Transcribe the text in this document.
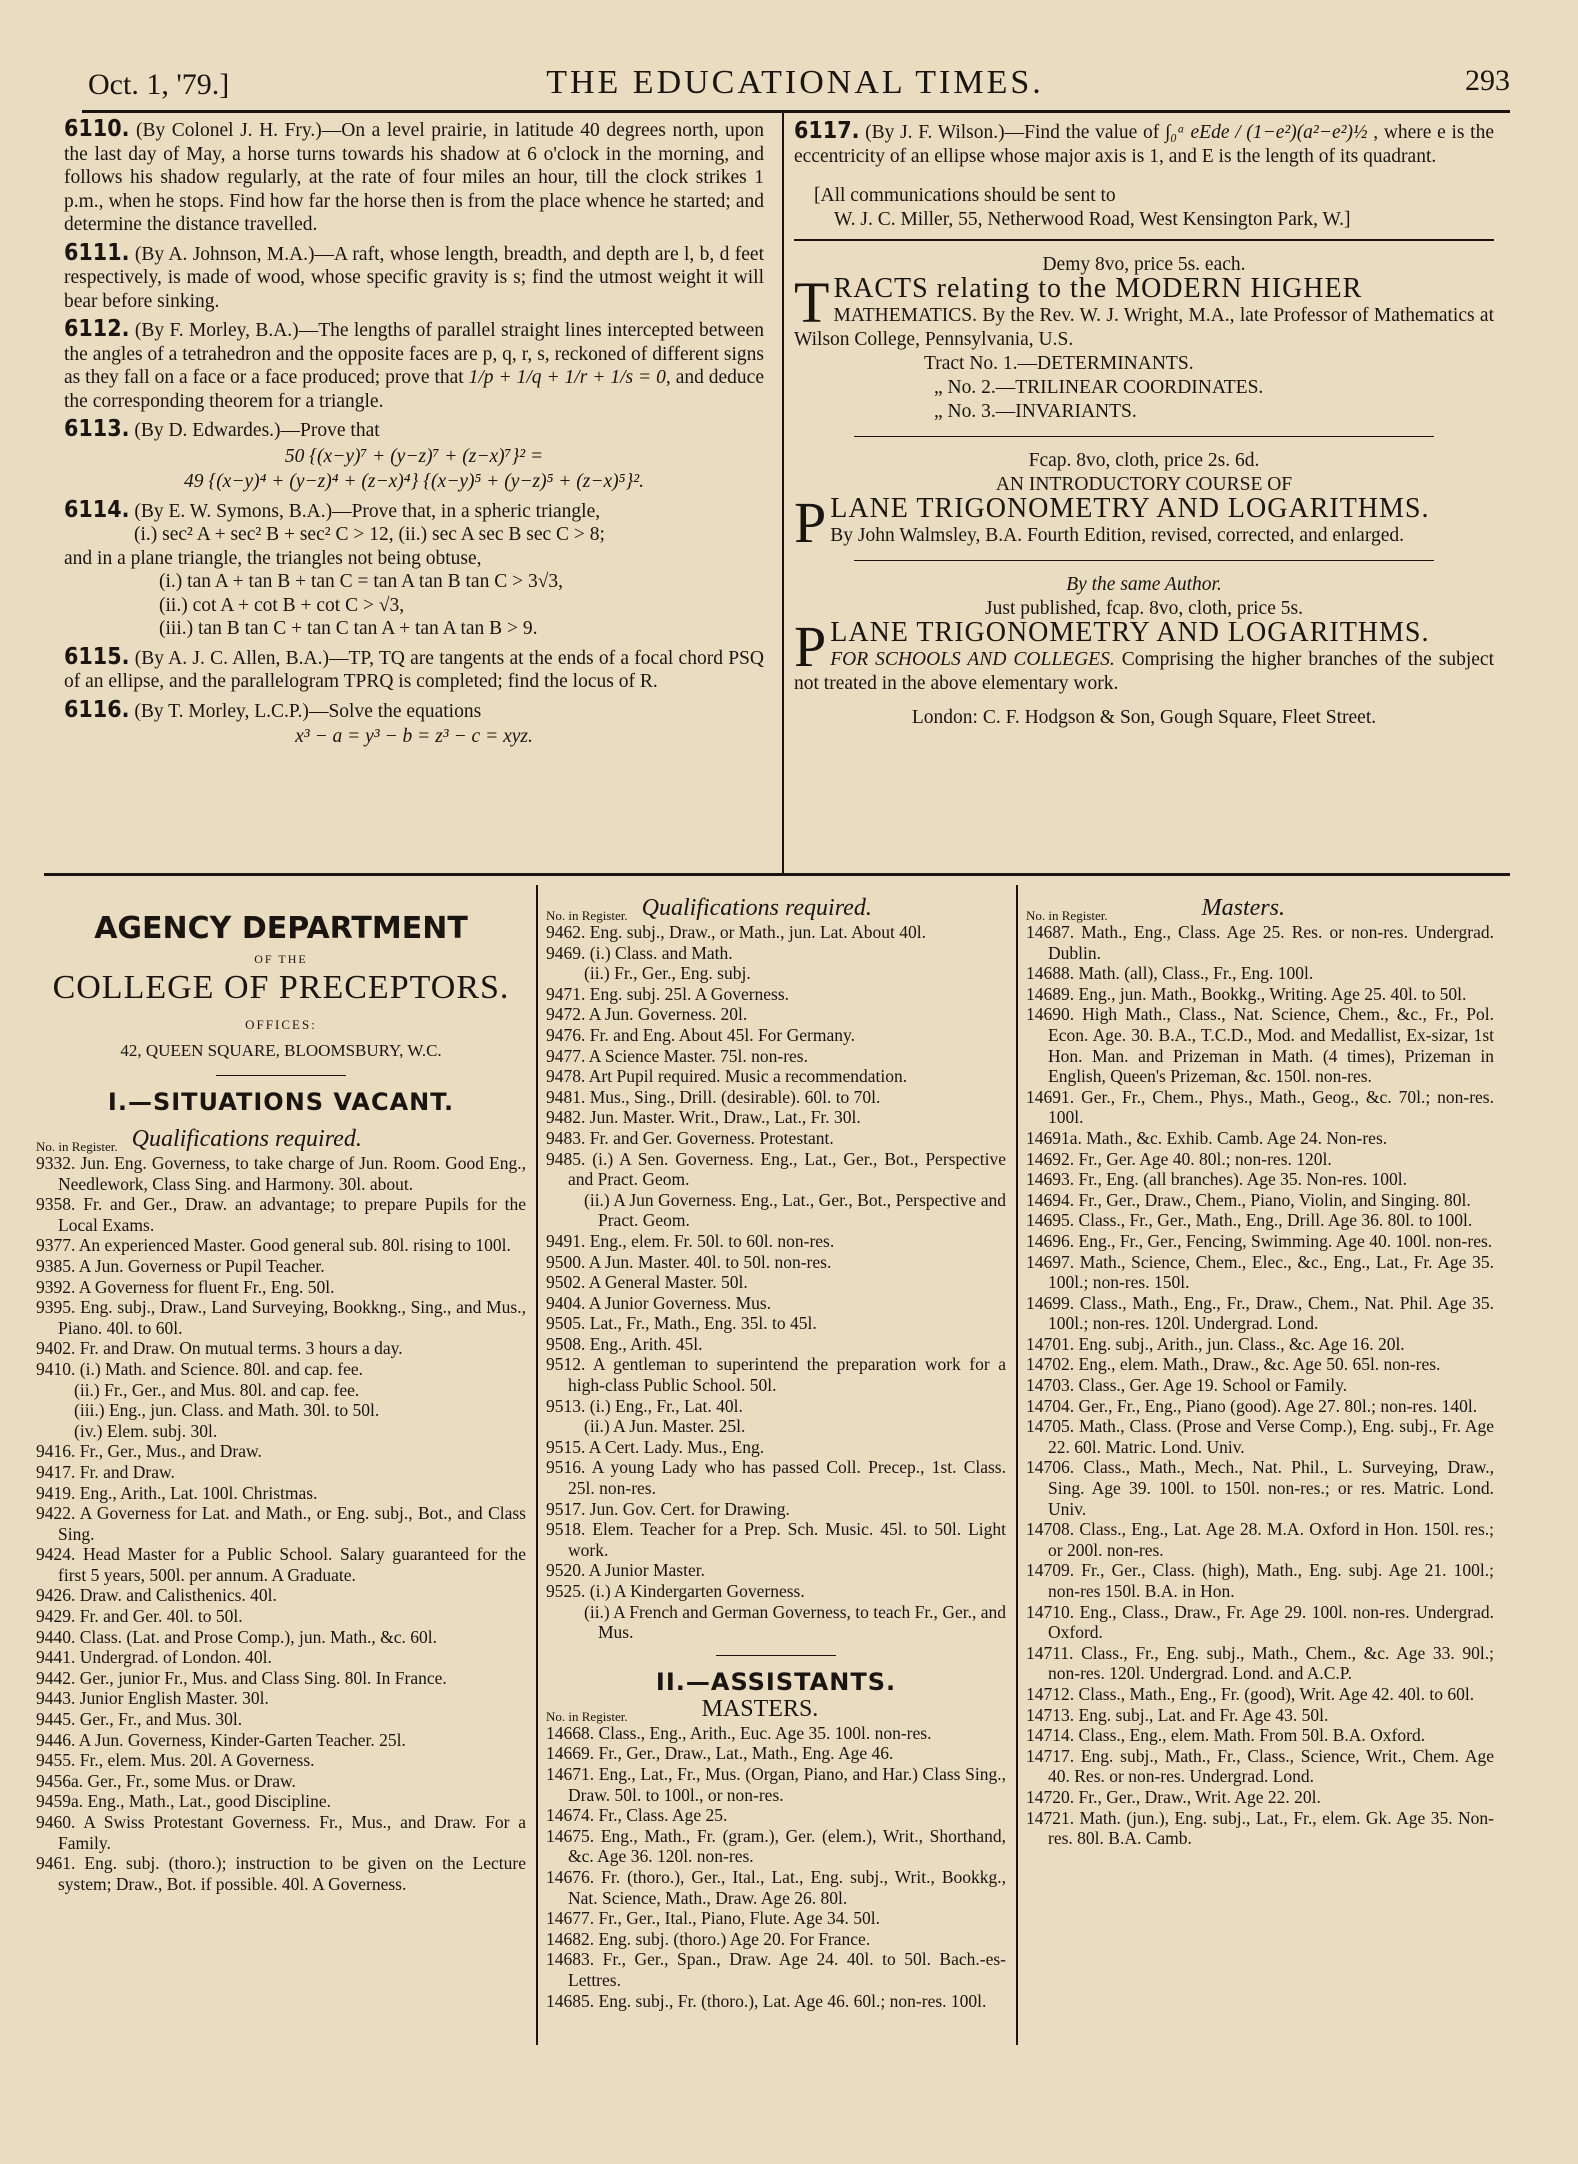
Oct. 1, '79.]	THE EDUCATIONAL TIMES.	293
6110. (By Colonel J. H. Fry.)—On a level prairie, in latitude 40 degrees north, upon the last day of May, a horse turns towards his shadow at 6 o'clock in the morning, and follows his shadow regularly, at the rate of four miles an hour, till the clock strikes 1 p.m., when he stops. Find how far the horse then is from the place whence he started; and determine the distance travelled.
6111. (By A. Johnson, M.A.)—A raft, whose length, breadth, and depth are l, b, d feet respectively, is made of wood, whose specific gravity is s; find the utmost weight it will bear before sinking.
6112. (By F. Morley, B.A.)—The lengths of parallel straight lines intercepted between the angles of a tetrahedron and the opposite faces are p, q, r, s, reckoned of different signs as they fall on a face or a face produced; prove that 1/p + 1/q + 1/r + 1/s = 0, and deduce the corresponding theorem for a triangle.
6113. (By D. Edwardes.)—Prove that
50 {(x−y)⁷ + (y−z)⁷ + (z−x)⁷}² =
49 {(x−y)⁴ + (y−z)⁴ + (z−x)⁴} {(x−y)⁵ + (y−z)⁵ + (z−x)⁵}².
6114. (By E. W. Symons, B.A.)—Prove that, in a spheric triangle,
(i.) sec² A + sec² B + sec² C > 12, (ii.) sec A sec B sec C > 8;
and in a plane triangle, the triangles not being obtuse,
(i.) tan A + tan B + tan C = tan A tan B tan C > 3√3,
(ii.) cot A + cot B + cot C > √3,
(iii.) tan B tan C + tan C tan A + tan A tan B > 9.
6115. (By A. J. C. Allen, B.A.)—TP, TQ are tangents at the ends of a focal chord PSQ of an ellipse, and the parallelogram TPRQ is completed; find the locus of R.
6116. (By T. Morley, L.C.P.)—Solve the equations
x³ − a = y³ − b = z³ − c = xyz.
6117. (By J. F. Wilson.)—Find the value of ∫₀ᵃ eEde / (1−e²)(a²−e²)½ , where e is the eccentricity of an ellipse whose major axis is 1, and E is the length of its quadrant.
[All communications should be sent to
W. J. C. Miller, 55, Netherwood Road, West Kensington Park, W.]
Demy 8vo, price 5s. each.
TRACTS relating to the MODERN HIGHER
MATHEMATICS. By the Rev. W. J. Wright, M.A., late Professor of Mathematics at Wilson College, Pennsylvania, U.S.
Tract No. 1.—DETERMINANTS.
„ No. 2.—TRILINEAR COORDINATES.
„ No. 3.—INVARIANTS.
Fcap. 8vo, cloth, price 2s. 6d.
AN INTRODUCTORY COURSE OF
PLANE TRIGONOMETRY AND LOGARITHMS.
By John Walmsley, B.A. Fourth Edition, revised, corrected, and enlarged.
By the same Author.
Just published, fcap. 8vo, cloth, price 5s.
PLANE TRIGONOMETRY AND LOGARITHMS.
FOR SCHOOLS AND COLLEGES. Comprising the higher branches of the subject not treated in the above elementary work.
London: C. F. Hodgson & Son, Gough Square, Fleet Street.
AGENCY DEPARTMENT
OF THE
COLLEGE OF PRECEPTORS.
OFFICES:
42, QUEEN SQUARE, BLOOMSBURY, W.C.
I.—SITUATIONS VACANT.
No. in Register. Qualifications required.
9332. Jun. Eng. Governess, to take charge of Jun. Room. Good Eng., Needlework, Class Sing. and Harmony. 30l. about.
9358. Fr. and Ger., Draw. an advantage; to prepare Pupils for the Local Exams.
9377. An experienced Master. Good general sub. 80l. rising to 100l.
9385. A Jun. Governess or Pupil Teacher.
9392. A Governess for fluent Fr., Eng. 50l.
9395. Eng. subj., Draw., Land Surveying, Bookkng., Sing., and Mus., Piano. 40l. to 60l.
9402. Fr. and Draw. On mutual terms. 3 hours a day.
9410. (i.) Math. and Science. 80l. and cap. fee.
(ii.) Fr., Ger., and Mus. 80l. and cap. fee.
(iii.) Eng., jun. Class. and Math. 30l. to 50l.
(iv.) Elem. subj. 30l.
9416. Fr., Ger., Mus., and Draw.
9417. Fr. and Draw.
9419. Eng., Arith., Lat. 100l. Christmas.
9422. A Governess for Lat. and Math., or Eng. subj., Bot., and Class Sing.
9424. Head Master for a Public School. Salary guaranteed for the first 5 years, 500l. per annum. A Graduate.
9426. Draw. and Calisthenics. 40l.
9429. Fr. and Ger. 40l. to 50l.
9440. Class. (Lat. and Prose Comp.), jun. Math., &c. 60l.
9441. Undergrad. of London. 40l.
9442. Ger., junior Fr., Mus. and Class Sing. 80l. In France.
9443. Junior English Master. 30l.
9445. Ger., Fr., and Mus. 30l.
9446. A Jun. Governess, Kinder-Garten Teacher. 25l.
9455. Fr., elem. Mus. 20l. A Governess.
9456a. Ger., Fr., some Mus. or Draw.
9459a. Eng., Math., Lat., good Discipline.
9460. A Swiss Protestant Governess. Fr., Mus., and Draw. For a Family.
9461. Eng. subj. (thoro.); instruction to be given on the Lecture system; Draw., Bot. if possible. 40l. A Governess.
No. in Register. Qualifications required.
9462. Eng. subj., Draw., or Math., jun. Lat. About 40l.
9469. (i.) Class. and Math.
(ii.) Fr., Ger., Eng. subj.
9471. Eng. subj. 25l. A Governess.
9472. A Jun. Governess. 20l.
9476. Fr. and Eng. About 45l. For Germany.
9477. A Science Master. 75l. non-res.
9478. Art Pupil required. Music a recommendation.
9481. Mus., Sing., Drill. (desirable). 60l. to 70l.
9482. Jun. Master. Writ., Draw., Lat., Fr. 30l.
9483. Fr. and Ger. Governess. Protestant.
9485. (i.) A Sen. Governess. Eng., Lat., Ger., Bot., Perspective and Pract. Geom.
(ii.) A Jun Governess. Eng., Lat., Ger., Bot., Perspective and Pract. Geom.
9491. Eng., elem. Fr. 50l. to 60l. non-res.
9500. A Jun. Master. 40l. to 50l. non-res.
9502. A General Master. 50l.
9404. A Junior Governess. Mus.
9505. Lat., Fr., Math., Eng. 35l. to 45l.
9508. Eng., Arith. 45l.
9512. A gentleman to superintend the preparation work for a high-class Public School. 50l.
9513. (i.) Eng., Fr., Lat. 40l.
(ii.) A Jun. Master. 25l.
9515. A Cert. Lady. Mus., Eng.
9516. A young Lady who has passed Coll. Precep., 1st. Class. 25l. non-res.
9517. Jun. Gov. Cert. for Drawing.
9518. Elem. Teacher for a Prep. Sch. Music. 45l. to 50l. Light work.
9520. A Junior Master.
9525. (i.) A Kindergarten Governess.
(ii.) A French and German Governess, to teach Fr., Ger., and Mus.
II.—ASSISTANTS.
No. in Register.	MASTERS.
14668. Class., Eng., Arith., Euc. Age 35. 100l. non-res.
14669. Fr., Ger., Draw., Lat., Math., Eng. Age 46.
14671. Eng., Lat., Fr., Mus. (Organ, Piano, and Har.) Class Sing., Draw. 50l. to 100l., or non-res.
14674. Fr., Class. Age 25.
14675. Eng., Math., Fr. (gram.), Ger. (elem.), Writ., Shorthand, &c. Age 36. 120l. non-res.
14676. Fr. (thoro.), Ger., Ital., Lat., Eng. subj., Writ., Bookkg., Nat. Science, Math., Draw. Age 26. 80l.
14677. Fr., Ger., Ital., Piano, Flute. Age 34. 50l.
14682. Eng. subj. (thoro.) Age 20. For France.
14683. Fr., Ger., Span., Draw. Age 24. 40l. to 50l. Bach.-es-Lettres.
14685. Eng. subj., Fr. (thoro.), Lat. Age 46. 60l.; non-res. 100l.
No. in Register.	Masters.
14687. Math., Eng., Class. Age 25. Res. or non-res. Undergrad. Dublin.
14688. Math. (all), Class., Fr., Eng. 100l.
14689. Eng., jun. Math., Bookkg., Writing. Age 25. 40l. to 50l.
14690. High Math., Class., Nat. Science, Chem., &c., Fr., Pol. Econ. Age. 30. B.A., T.C.D., Mod. and Medallist, Ex-sizar, 1st Hon. Man. and Prizeman in Math. (4 times), Prizeman in English, Queen's Prizeman, &c. 150l. non-res.
14691. Ger., Fr., Chem., Phys., Math., Geog., &c. 70l.; non-res. 100l.
14691a. Math., &c. Exhib. Camb. Age 24. Non-res.
14692. Fr., Ger. Age 40. 80l.; non-res. 120l.
14693. Fr., Eng. (all branches). Age 35. Non-res. 100l.
14694. Fr., Ger., Draw., Chem., Piano, Violin, and Singing. 80l.
14695. Class., Fr., Ger., Math., Eng., Drill. Age 36. 80l. to 100l.
14696. Eng., Fr., Ger., Fencing, Swimming. Age 40. 100l. non-res.
14697. Math., Science, Chem., Elec., &c., Eng., Lat., Fr. Age 35. 100l.; non-res. 150l.
14699. Class., Math., Eng., Fr., Draw., Chem., Nat. Phil. Age 35. 100l.; non-res. 120l. Undergrad. Lond.
14701. Eng. subj., Arith., jun. Class., &c. Age 16. 20l.
14702. Eng., elem. Math., Draw., &c. Age 50. 65l. non-res.
14703. Class., Ger. Age 19. School or Family.
14704. Ger., Fr., Eng., Piano (good). Age 27. 80l.; non-res. 140l.
14705. Math., Class. (Prose and Verse Comp.), Eng. subj., Fr. Age 22. 60l. Matric. Lond. Univ.
14706. Class., Math., Mech., Nat. Phil., L. Surveying, Draw., Sing. Age 39. 100l. to 150l. non-res.; or res. Matric. Lond. Univ.
14708. Class., Eng., Lat. Age 28. M.A. Oxford in Hon. 150l. res.; or 200l. non-res.
14709. Fr., Ger., Class. (high), Math., Eng. subj. Age 21. 100l.; non-res 150l. B.A. in Hon.
14710. Eng., Class., Draw., Fr. Age 29. 100l. non-res. Undergrad. Oxford.
14711. Class., Fr., Eng. subj., Math., Chem., &c. Age 33. 90l.; non-res. 120l. Undergrad. Lond. and A.C.P.
14712. Class., Math., Eng., Fr. (good), Writ. Age 42. 40l. to 60l.
14713. Eng. subj., Lat. and Fr. Age 43. 50l.
14714. Class., Eng., elem. Math. From 50l. B.A. Oxford.
14717. Eng. subj., Math., Fr., Class., Science, Writ., Chem. Age 40. Res. or non-res. Undergrad. Lond.
14720. Fr., Ger., Draw., Writ. Age 22. 20l.
14721. Math. (jun.), Eng. subj., Lat., Fr., elem. Gk. Age 35. Non-res. 80l. B.A. Camb.
